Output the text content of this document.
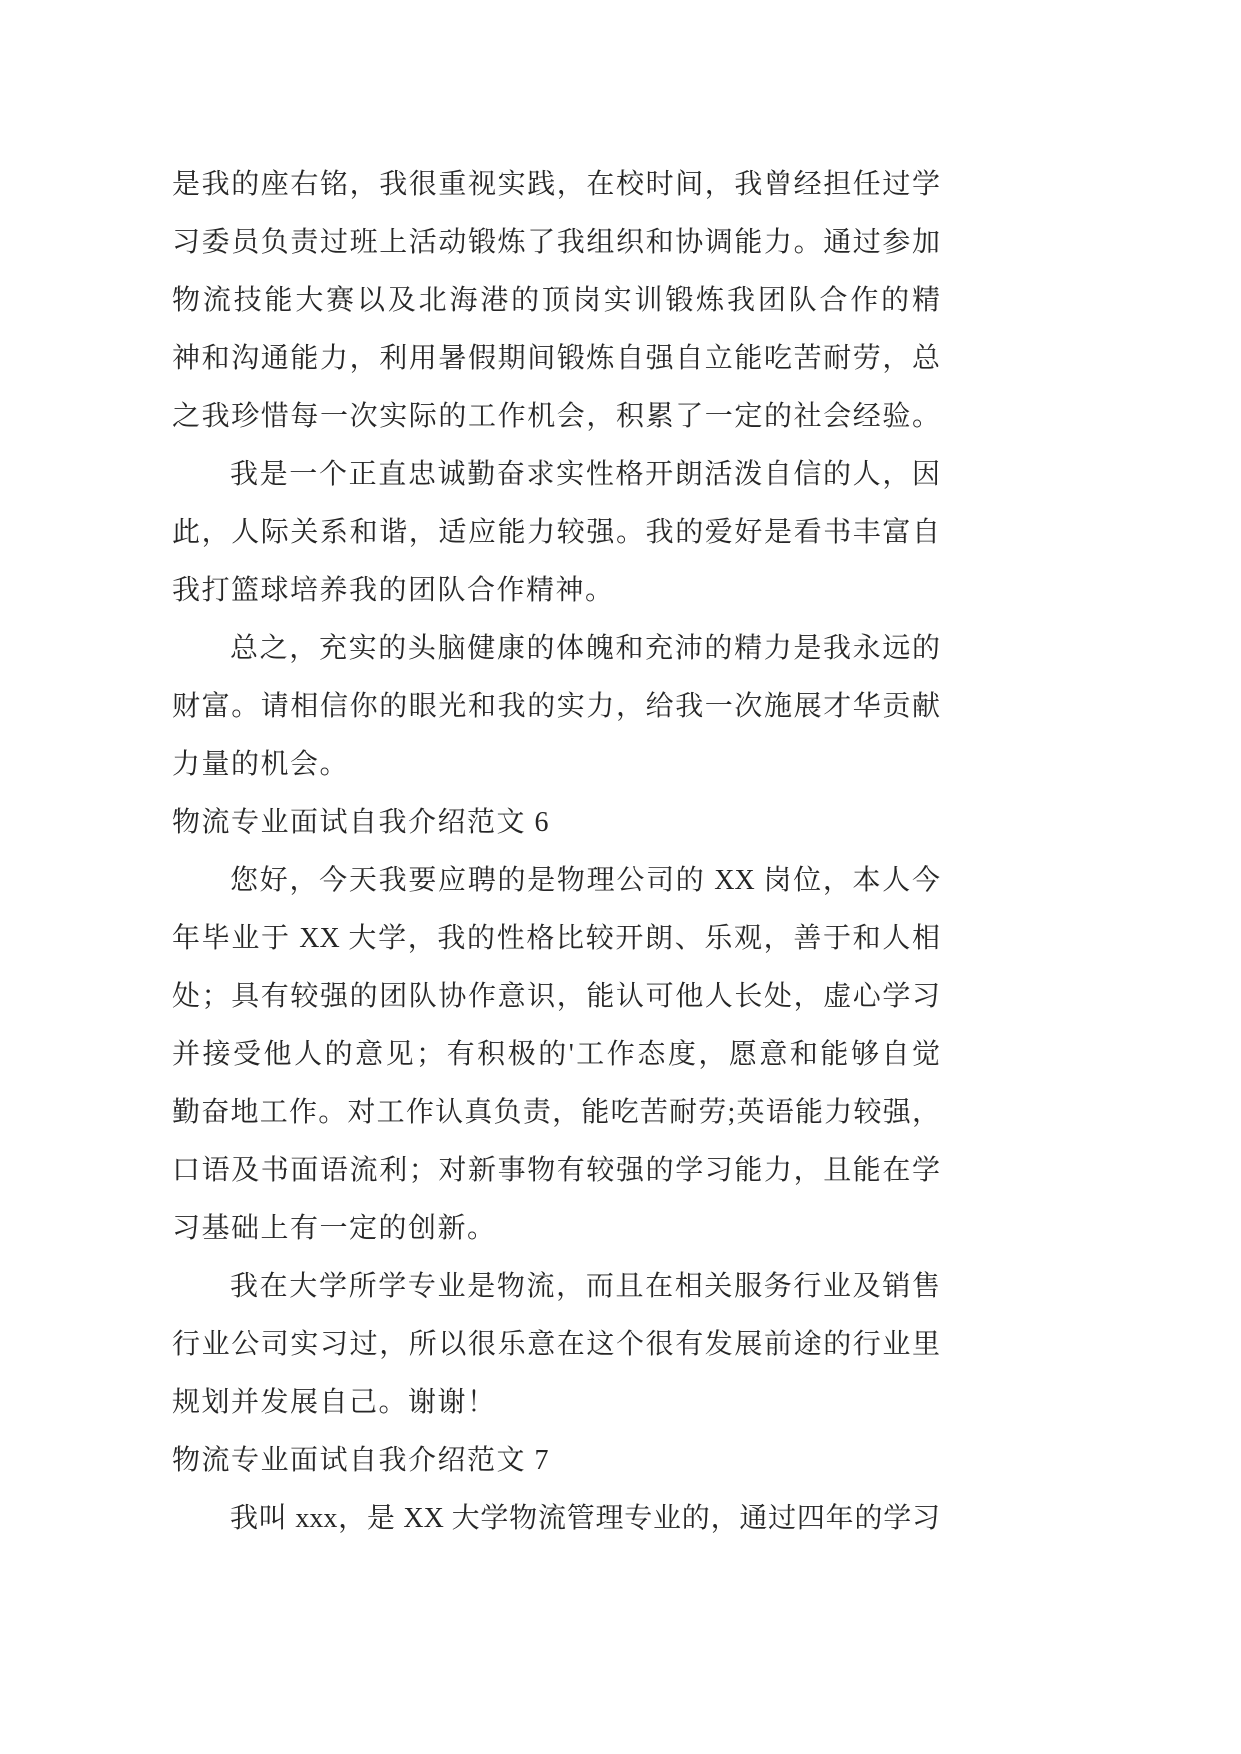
是我的座右铭，我很重视实践，在校时间，我曾经担任过学
习委员负责过班上活动锻炼了我组织和协调能力。通过参加
物流技能大赛以及北海港的顶岗实训锻炼我团队合作的精
神和沟通能力，利用暑假期间锻炼自强自立能吃苦耐劳，总
之我珍惜每一次实际的工作机会，积累了一定的社会经验。
我是一个正直忠诚勤奋求实性格开朗活泼自信的人，因
此，人际关系和谐，适应能力较强。我的爱好是看书丰富自
我打篮球培养我的团队合作精神。
总之，充实的头脑健康的体魄和充沛的精力是我永远的
财富。请相信你的眼光和我的实力，给我一次施展才华贡献
力量的机会。
物流专业面试自我介绍范文 6
您好，今天我要应聘的是物理公司的 XX 岗位，本人今
年毕业于 XX 大学，我的性格比较开朗、乐观，善于和人相
处；具有较强的团队协作意识，能认可他人长处，虚心学习
并接受他人的意见；有积极的'工作态度，愿意和能够自觉
勤奋地工作。对工作认真负责，能吃苦耐劳;英语能力较强，
口语及书面语流利；对新事物有较强的学习能力，且能在学
习基础上有一定的创新。
我在大学所学专业是物流，而且在相关服务行业及销售
行业公司实习过，所以很乐意在这个很有发展前途的行业里
规划并发展自己。谢谢！
物流专业面试自我介绍范文 7
我叫 xxx，是 XX 大学物流管理专业的，通过四年的学习
